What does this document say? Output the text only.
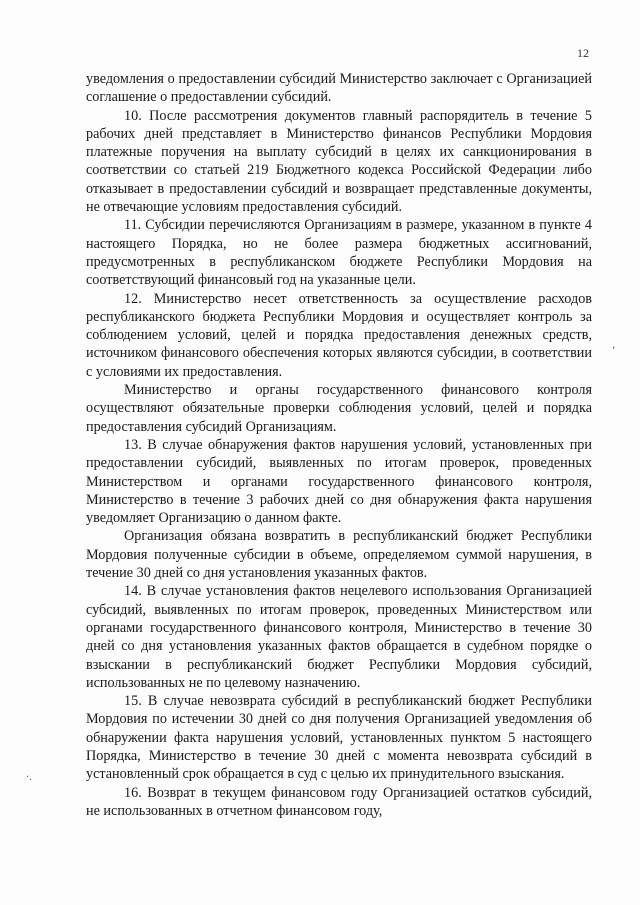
12

уведомления о предоставлении субсидий Министерство заключает с Организацией соглашение о предоставлении субсидий.

10. После рассмотрения документов главный распорядитель в течение 5 рабочих дней представляет в Министерство финансов Республики Мордовия платежные поручения на выплату субсидий в целях их санкционирования в соответствии со статьей 219 Бюджетного кодекса Российской Федерации либо отказывает в предоставлении субсидий и возвращает представленные документы, не отвечающие условиям предоставления субсидий.

11. Субсидии перечисляются Организациям в размере, указанном в пункте 4 настоящего Порядка, но не более размера бюджетных ассигнований, предусмотренных в республиканском бюджете Республики Мордовия на соответствующий финансовый год на указанные цели.

12. Министерство несет ответственность за осуществление расходов республиканского бюджета Республики Мордовия и осуществляет контроль за соблюдением условий, целей и порядка предоставления денежных средств, источником финансового обеспечения которых являются субсидии, в соответствии с условиями их предоставления.

Министерство и органы государственного финансового контроля осуществляют обязательные проверки соблюдения условий, целей и порядка предоставления субсидий Организациям.

13. В случае обнаружения фактов нарушения условий, установленных при предоставлении субсидий, выявленных по итогам проверок, проведенных Министерством и органами государственного финансового контроля, Министерство в течение 3 рабочих дней со дня обнаружения факта нарушения уведомляет Организацию о данном факте.

Организация обязана возвратить в республиканский бюджет Республики Мордовия полученные субсидии в объеме, определяемом суммой нарушения, в течение 30 дней со дня установления указанных фактов.

14. В случае установления фактов нецелевого использования Организацией субсидий, выявленных по итогам проверок, проведенных Министерством или органами государственного финансового контроля, Министерство в течение 30 дней со дня установления указанных фактов обращается в судебном порядке о взыскании в республиканский бюджет Республики Мордовия субсидий, использованных не по целевому назначению.

15. В случае невозврата субсидий в республиканский бюджет Республики Мордовия по истечении 30 дней со дня получения Организацией уведомления об обнаружении факта нарушения условий, установленных пунктом 5 настоящего Порядка, Министерство в течение 30 дней с момента невозврата субсидий в установленный срок обращается в суд с целью их принудительного взыскания.

16. Возврат в текущем финансовом году Организацией остатков субсидий, не использованных в отчетном финансовом году,

·.
,
